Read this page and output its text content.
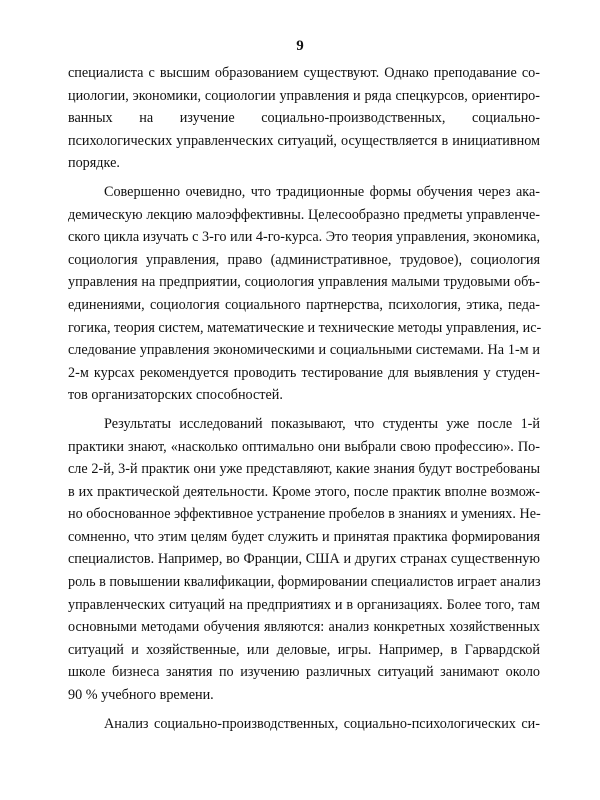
9
специалиста с высшим образованием существуют. Однако преподавание со-
циологии, экономики, социологии управления и ряда спецкурсов, ориентиро-
ванных на изучение социально-производственных, социально-
психологических управленческих ситуаций, осуществляется в инициативном
порядке.
Совершенно очевидно, что традиционные формы обучения через ака-
демическую лекцию малоэффективны. Целесообразно предметы управленче-
ского цикла изучать с 3-го или 4-го-курса. Это теория управления, экономика,
социология управления, право (административное, трудовое), социология
управления на предприятии, социология управления малыми трудовыми объ-
единениями, социология социального партнерства, психология, этика, педа-
гогика, теория систем, математические и технические методы управления, ис-
следование управления экономическими и социальными системами. На 1-м и
2-м курсах рекомендуется проводить тестирование для выявления у студен-
тов организаторских способностей.
Результаты исследований показывают, что студенты уже после 1-й
практики знают, «насколько оптимально они выбрали свою профессию». По-
сле 2-й, 3-й практик они уже представляют, какие знания будут востребованы
в их практической деятельности. Кроме этого, после практик вполне возмож-
но обоснованное эффективное устранение пробелов в знаниях и умениях. Не-
сомненно, что этим целям будет служить и принятая практика формирования
специалистов. Например, во Франции, США и других странах существенную
роль в повышении квалификации, формировании специалистов играет анализ
управленческих ситуаций на предприятиях и в организациях. Более того, там
основными методами обучения являются: анализ конкретных хозяйственных
ситуаций и хозяйственные, или деловые, игры. Например, в Гарвардской
школе бизнеса занятия по изучению различных ситуаций занимают около
90 % учебного времени.
Анализ социально-производственных, социально-психологических си-
